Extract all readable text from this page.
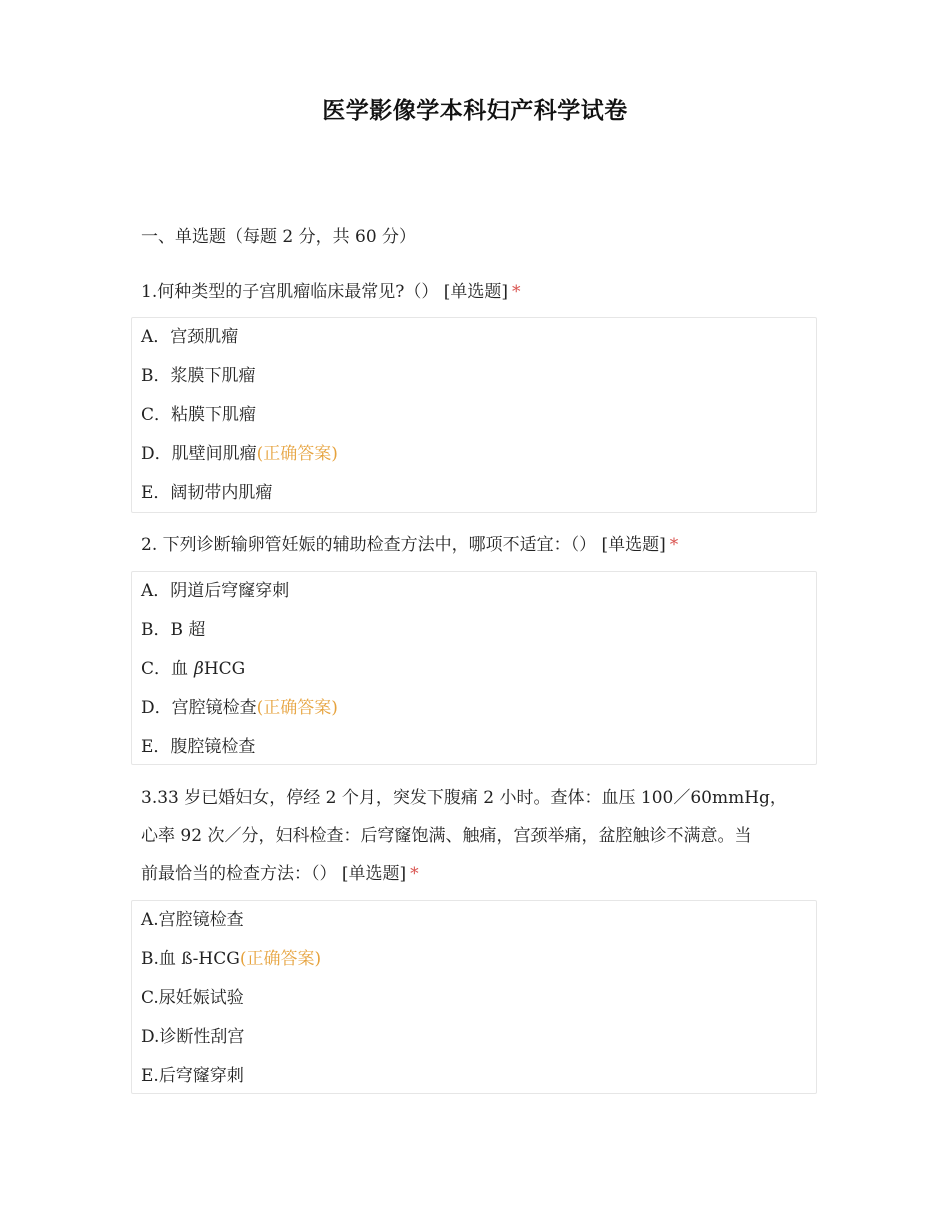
医学影像学本科妇产科学试卷
一、单选题（每题 2 分，共 60 分）
1.何种类型的子宫肌瘤临床最常见?（） [单选题] *
A．宫颈肌瘤
B．浆膜下肌瘤
C．粘膜下肌瘤
D．肌壁间肌瘤(正确答案)
E．阔韧带内肌瘤
2. 下列诊断输卵管妊娠的辅助检查方法中，哪项不适宜：（） [单选题] *
A．阴道后穹窿穿刺
B．B 超
C．血 βHCG
D．宫腔镜检查(正确答案)
E．腹腔镜检查
3.33 岁已婚妇女，停经 2 个月，突发下腹痛 2 小时。查体：血压 100／60mmHg，
心率 92 次／分，妇科检查：后穹窿饱满、触痛，宫颈举痛，盆腔触诊不满意。当
前最恰当的检查方法：（） [单选题] *
A.宫腔镜检查
B.血 ß-HCG(正确答案)
C.尿妊娠试验
D.诊断性刮宫
E.后穹窿穿刺
